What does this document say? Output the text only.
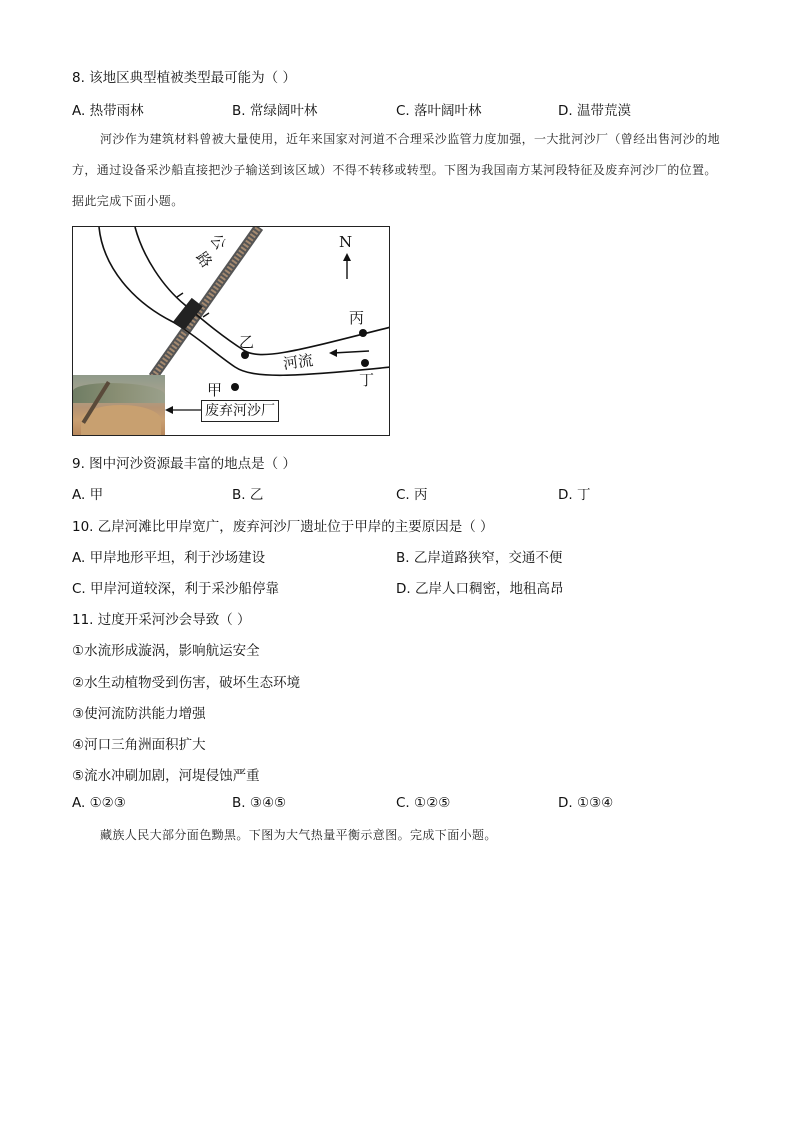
8. 该地区典型植被类型最可能为（ ）
A. 热带雨林	B. 常绿阔叶林	C. 落叶阔叶林	D. 温带荒漠
河沙作为建筑材料曾被大量使用，近年来国家对河道不合理采沙监管力度加强，一大批河沙厂（曾经出售河沙的地方，通过设备采沙船直接把沙子输送到该区域）不得不转移或转型。下图为我国南方某河段特征及废弃河沙厂的位置。据此完成下面小题。
公
路
N
丙
乙
河流
丁
甲
废弃河沙厂
9. 图中河沙资源最丰富的地点是（ ）
A. 甲	B. 乙	C. 丙	D. 丁
10. 乙岸河滩比甲岸宽广，废弃河沙厂遗址位于甲岸的主要原因是（ ）
A. 甲岸地形平坦，利于沙场建设	B. 乙岸道路狭窄，交通不便
C. 甲岸河道较深，利于采沙船停靠	D. 乙岸人口稠密，地租高昂
11. 过度开采河沙会导致（ ）
①水流形成漩涡，影响航运安全
②水生动植物受到伤害，破坏生态环境
③使河流防洪能力增强
④河口三角洲面积扩大
⑤流水冲刷加剧，河堤侵蚀严重
A. ①②③	B. ③④⑤	C. ①②⑤	D. ①③④
藏族人民大部分面色黝黑。下图为大气热量平衡示意图。完成下面小题。
